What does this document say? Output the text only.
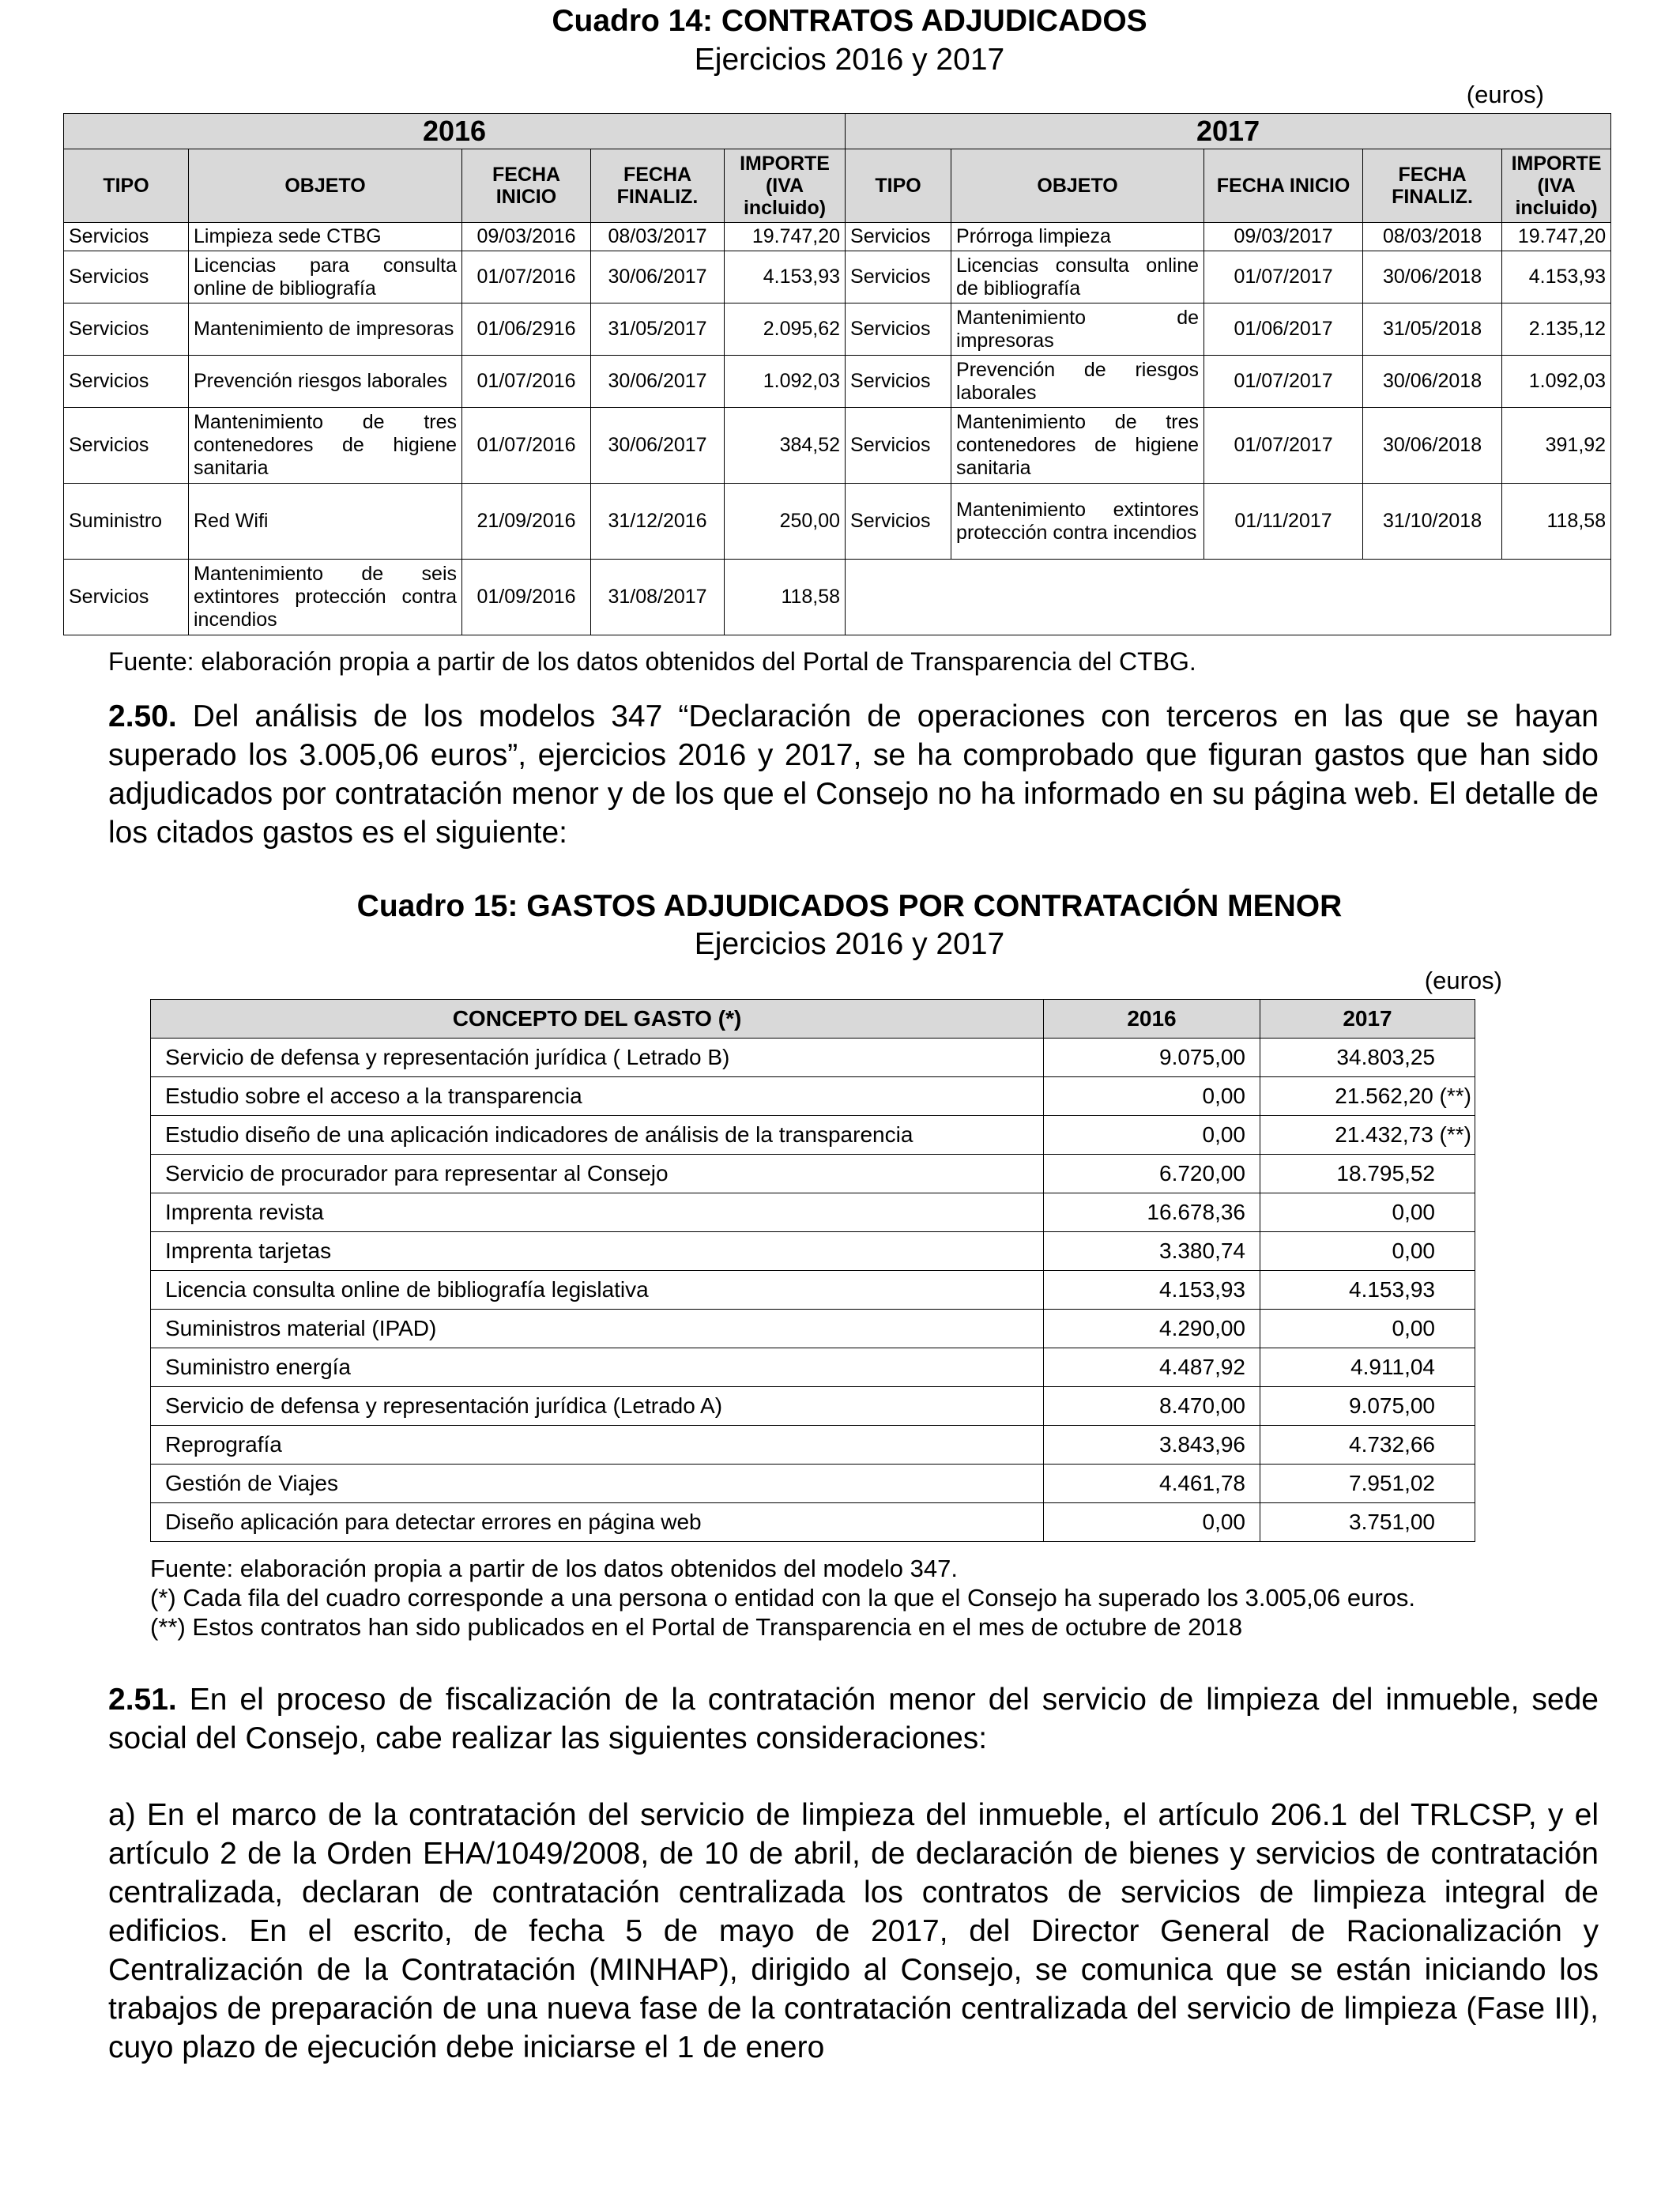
Cuadro 14: CONTRATOS ADJUDICADOS
Ejercicios 2016 y 2017
(euros)
2016					2017				
TIPO	OBJETO	FECHA INICIO	FECHA FINALIZ.	IMPORTE (IVA incluido)	TIPO	OBJETO	FECHA INICIO	FECHA FINALIZ.	IMPORTE (IVA incluido)
Servicios	Limpieza sede CTBG	09/03/2016	08/03/2017	19.747,20	Servicios	Prórroga limpieza	09/03/2017	08/03/2018	19.747,20
Servicios	Licencias para consulta online de bibliografía	01/07/2016	30/06/2017	4.153,93	Servicios	Licencias consulta online de bibliografía	01/07/2017	30/06/2018	4.153,93
Servicios	Mantenimiento de impresoras	01/06/2916	31/05/2017	2.095,62	Servicios	Mantenimiento de impresoras	01/06/2017	31/05/2018	2.135,12
Servicios	Prevención riesgos laborales	01/07/2016	30/06/2017	1.092,03	Servicios	Prevención de riesgos laborales	01/07/2017	30/06/2018	1.092,03
Servicios	Mantenimiento de tres contenedores de higiene sanitaria	01/07/2016	30/06/2017	384,52	Servicios	Mantenimiento de tres contenedores de higiene sanitaria	01/07/2017	30/06/2018	391,92
Suministro	Red Wifi	21/09/2016	31/12/2016	250,00	Servicios	Mantenimiento extintores protección contra incendios	01/11/2017	31/10/2018	118,58
Servicios	Mantenimiento de seis extintores protección contra incendios	01/09/2016	31/08/2017	118,58					
Fuente: elaboración propia a partir de los datos obtenidos del Portal de Transparencia del CTBG.

2.50. Del análisis de los modelos 347 “Declaración de operaciones con terceros en las que se hayan superado los 3.005,06 euros”, ejercicios 2016 y 2017, se ha comprobado que figuran gastos que han sido adjudicados por contratación menor y de los que el Consejo no ha informado en su página web. El detalle de los citados gastos es el siguiente:

Cuadro 15: GASTOS ADJUDICADOS POR CONTRATACIÓN MENOR
Ejercicios 2016 y 2017
(euros)
CONCEPTO DEL GASTO (*)	2016	2017
Servicio de defensa y representación jurídica ( Letrado B)	9.075,00	34.803,25
Estudio sobre el acceso a la transparencia	0,00	21.562,20 (**)
Estudio diseño de una aplicación indicadores de análisis de la transparencia	0,00	21.432,73 (**)
Servicio de procurador para representar al Consejo	6.720,00	18.795,52
Imprenta revista	16.678,36	0,00
Imprenta tarjetas	3.380,74	0,00
Licencia consulta online de bibliografía legislativa	4.153,93	4.153,93
Suministros material (IPAD)	4.290,00	0,00
Suministro energía	4.487,92	4.911,04
Servicio de defensa y representación jurídica (Letrado A)	8.470,00	9.075,00
Reprografía	3.843,96	4.732,66
Gestión de Viajes	4.461,78	7.951,02
Diseño aplicación para detectar errores en página web	0,00	3.751,00
Fuente: elaboración propia a partir de los datos obtenidos del modelo 347.
(*) Cada fila del cuadro corresponde a una persona o entidad con la que el Consejo ha superado los 3.005,06 euros.
(**) Estos contratos han sido publicados en el Portal de Transparencia en el mes de octubre de 2018

2.51. En el proceso de fiscalización de la contratación menor del servicio de limpieza del inmueble, sede social del Consejo, cabe realizar las siguientes consideraciones:

a) En el marco de la contratación del servicio de limpieza del inmueble, el artículo 206.1 del TRLCSP, y el artículo 2 de la Orden EHA/1049/2008, de 10 de abril, de declaración de bienes y servicios de contratación centralizada, declaran de contratación centralizada los contratos de servicios de limpieza integral de edificios. En el escrito, de fecha 5 de mayo de 2017, del Director General de Racionalización y Centralización de la Contratación (MINHAP), dirigido al Consejo, se comunica que se están iniciando los trabajos de preparación de una nueva fase de la contratación centralizada del servicio de limpieza (Fase III), cuyo plazo de ejecución debe iniciarse el 1 de enero
